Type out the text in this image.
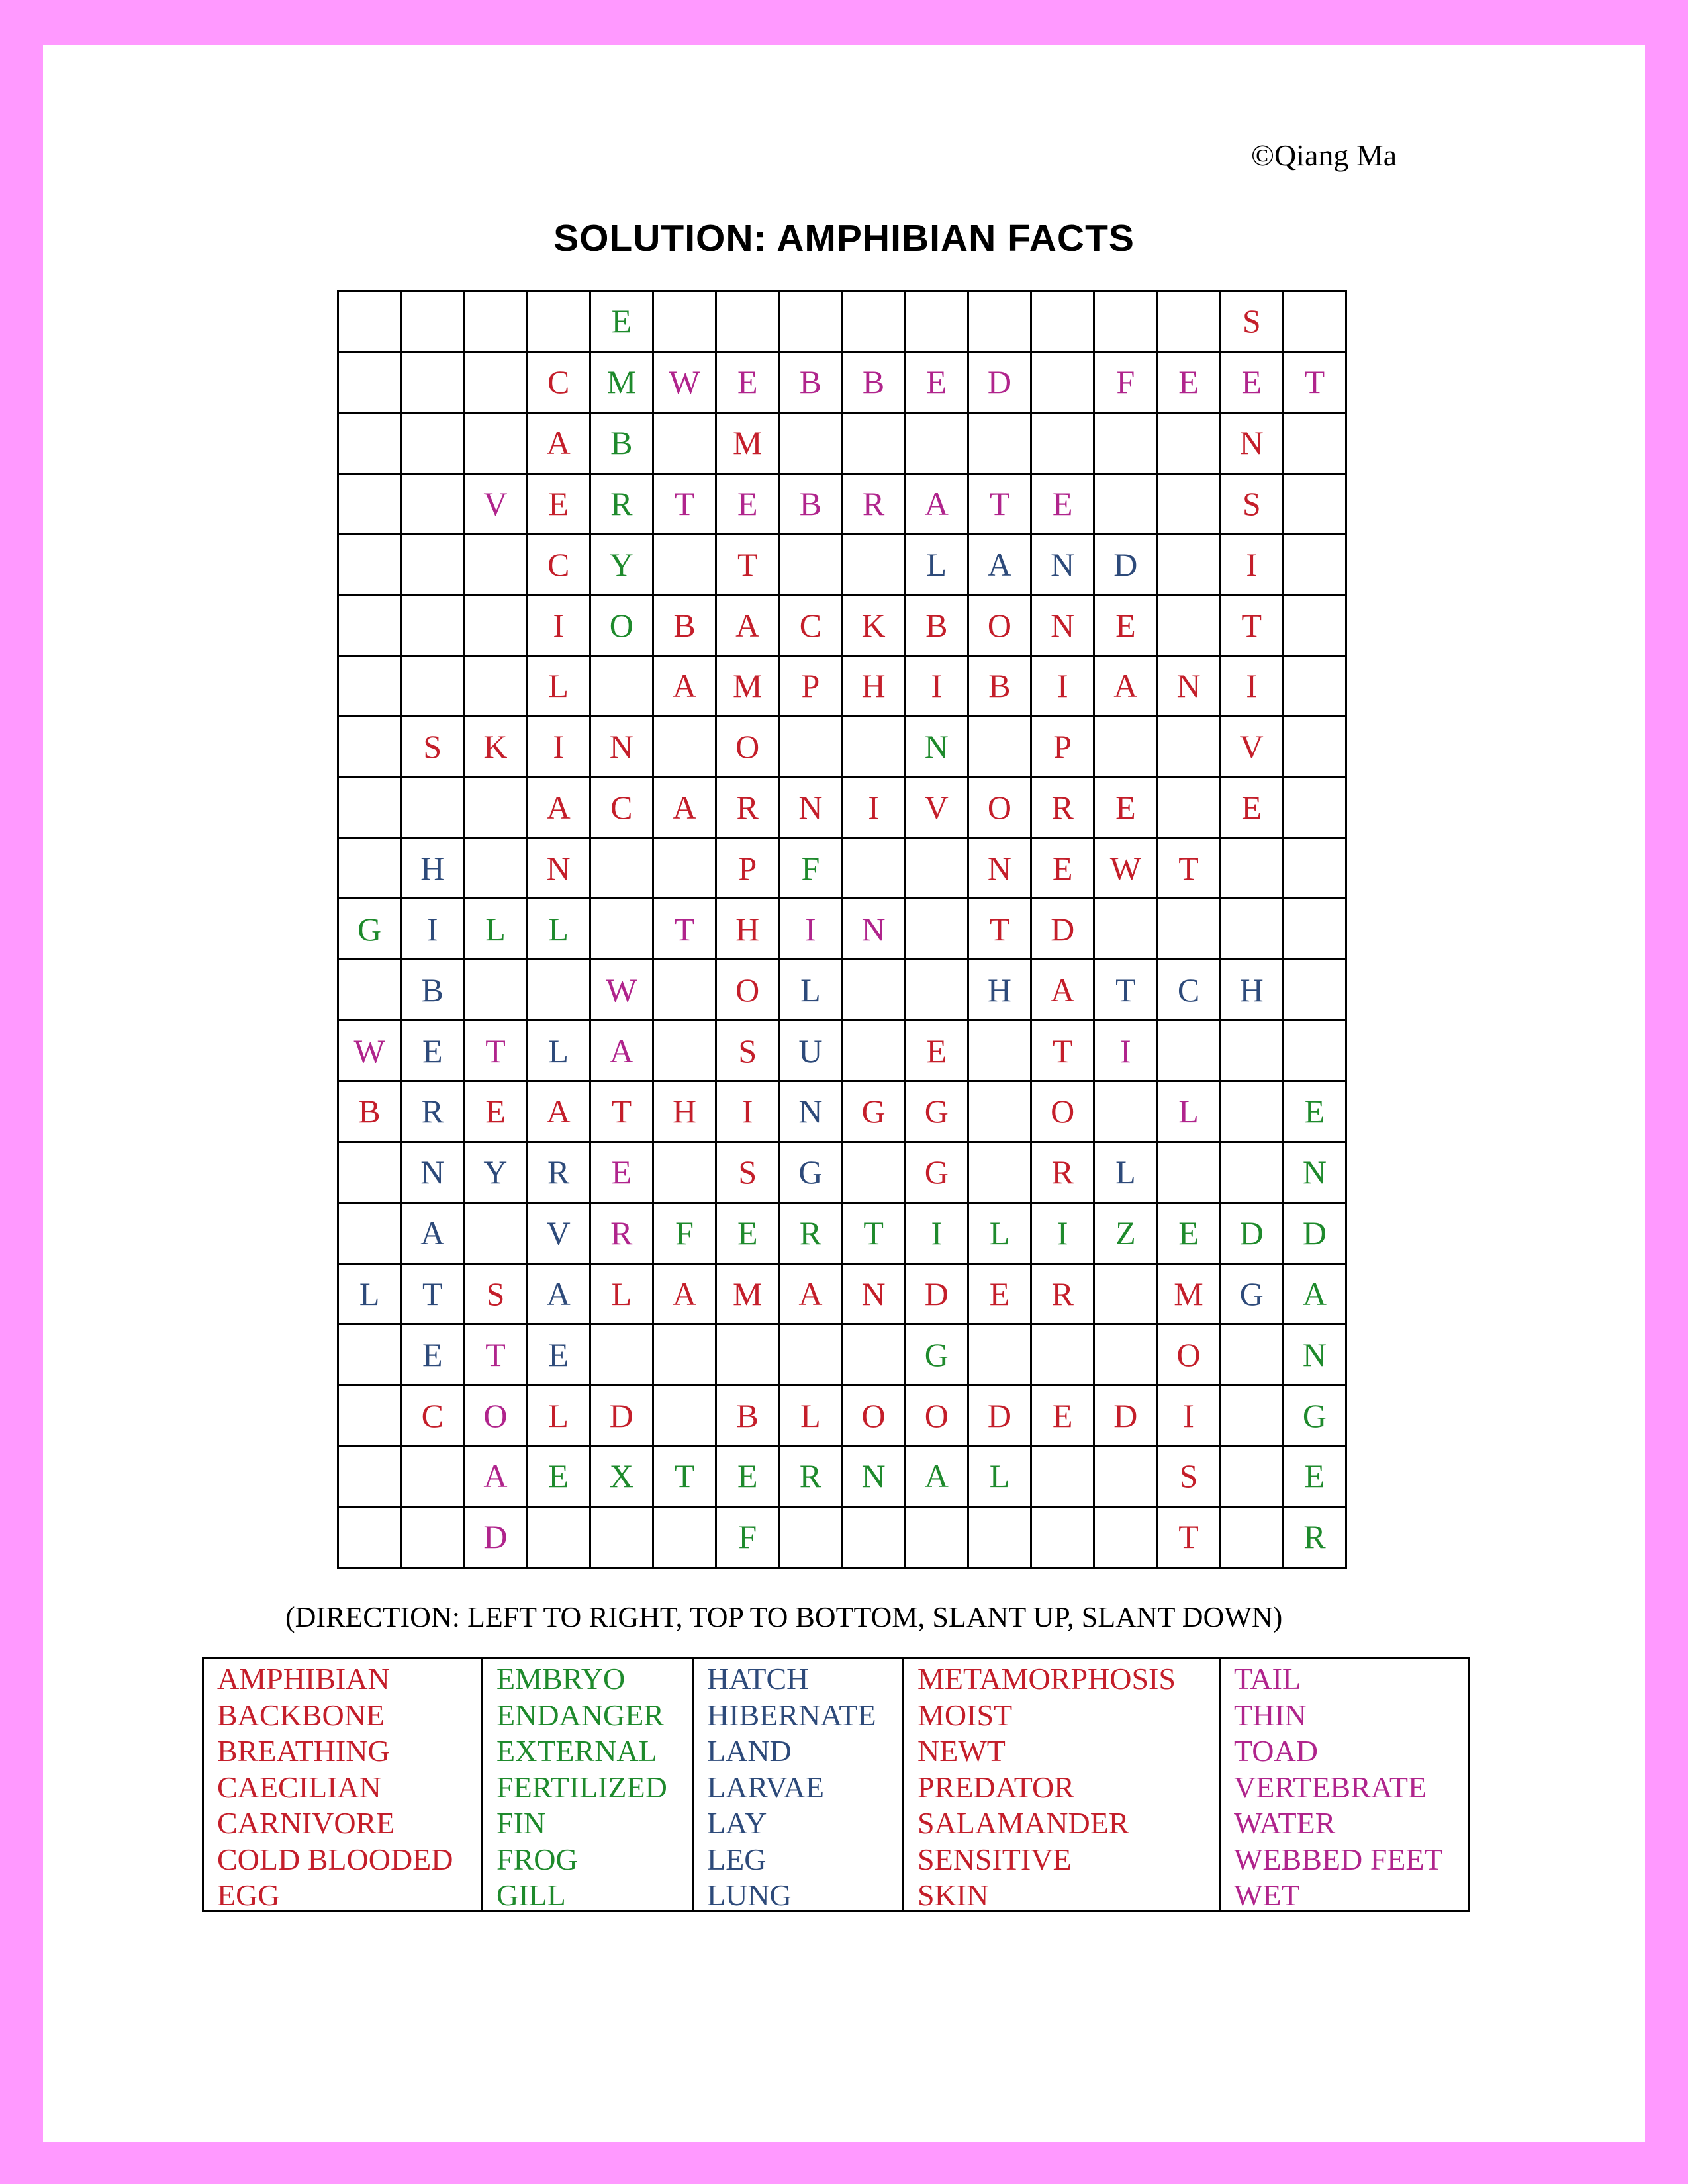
©Qiang Ma
SOLUTION: AMPHIBIAN FACTS
				E										S	
			C	M	W	E	B	B	E	D		F	E	E	T
			A	B		M								N	
		V	E	R	T	E	B	R	A	T	E			S	
			C	Y		T			L	A	N	D		I	
			I	O	B	A	C	K	B	O	N	E		T	
			L		A	M	P	H	I	B	I	A	N	I	
	S	K	I	N		O			N		P			V	
			A	C	A	R	N	I	V	O	R	E		E	
	H		N			P	F			N	E	W	T		
G	I	L	L		T	H	I	N		T	D				
	B			W		O	L			H	A	T	C	H	
W	E	T	L	A		S	U		E		T	I			
B	R	E	A	T	H	I	N	G	G		O		L		E
	N	Y	R	E		S	G		G		R	L			N
	A		V	R	F	E	R	T	I	L	I	Z	E	D	D
L	T	S	A	L	A	M	A	N	D	E	R		M	G	A
	E	T	E						G				O		N
	C	O	L	D		B	L	O	O	D	E	D	I		G
		A	E	X	T	E	R	N	A	L			S		E
		D				F							T		R
(DIRECTION: LEFT TO RIGHT, TOP TO BOTTOM, SLANT UP, SLANT DOWN)
AMPHIBIAN
BACKBONE
BREATHING
CAECILIAN
CARNIVORE
COLD BLOODED
EGG
EMBRYO
ENDANGER
EXTERNAL
FERTILIZED
FIN
FROG
GILL
HATCH
HIBERNATE
LAND
LARVAE
LAY
LEG
LUNG
METAMORPHOSIS
MOIST
NEWT
PREDATOR
SALAMANDER
SENSITIVE
SKIN
TAIL
THIN
TOAD
VERTEBRATE
WATER
WEBBED FEET
WET
